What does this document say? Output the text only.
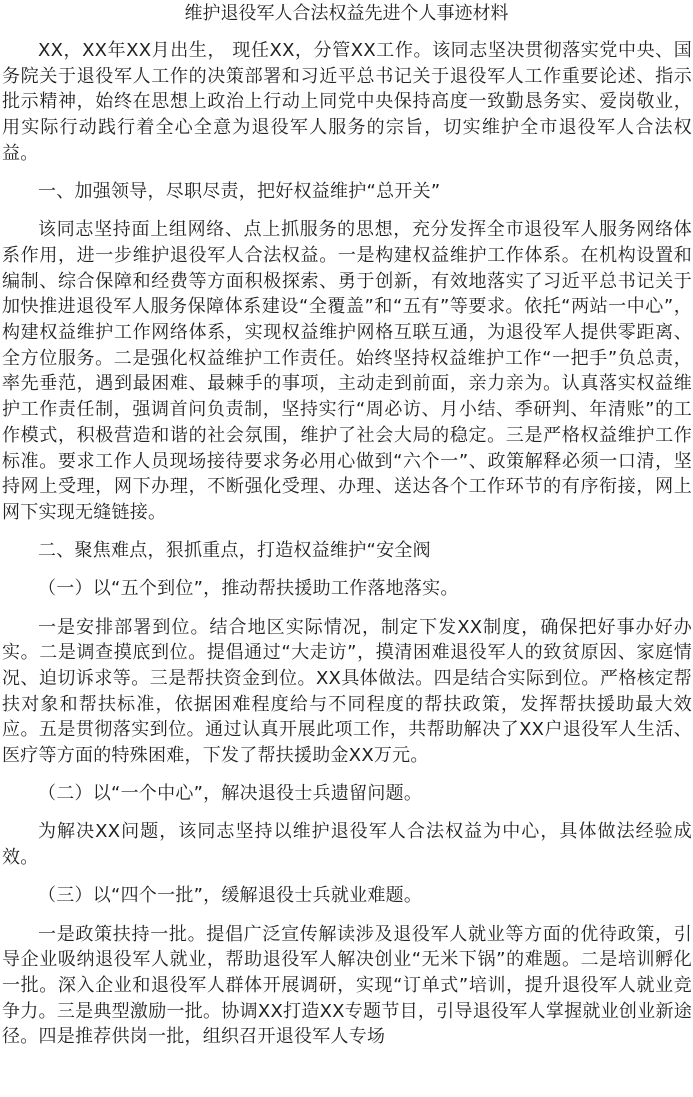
维护退役军人合法权益先进个人事迹材料

XX，XX年XX月出生， 现任XX，分管XX工作。该同志坚决贯彻落实党中央、国务院关于退役军人工作的决策部署和习近平总书记关于退役军人工作重要论述、指示批示精神，始终在思想上政治上行动上同党中央保持高度一致勤恳务实、爱岗敬业，用实际行动践行着全心全意为退役军人服务的宗旨，切实维护全市退役军人合法权益。

一、加强领导，尽职尽责，把好权益维护“总开关”

该同志坚持面上组网络、点上抓服务的思想，充分发挥全市退役军人服务网络体系作用，进一步维护退役军人合法权益。一是构建权益维护工作体系。在机构设置和编制、综合保障和经费等方面积极探索、勇于创新，有效地落实了习近平总书记关于加快推进退役军人服务保障体系建设“全覆盖”和“五有”等要求。依托“两站一中心”，构建权益维护工作网络体系，实现权益维护网格互联互通，为退役军人提供零距离、全方位服务。二是强化权益维护工作责任。始终坚持权益维护工作“一把手”负总责，率先垂范，遇到最困难、最棘手的事项，主动走到前面，亲力亲为。认真落实权益维护工作责任制，强调首问负责制，坚持实行“周必访、月小结、季研判、年清账”的工作模式，积极营造和谐的社会氛围，维护了社会大局的稳定。三是严格权益维护工作标准。要求工作人员现场接待要求务必用心做到“六个一”、政策解释必须一口清，坚持网上受理，网下办理，不断强化受理、办理、送达各个工作环节的有序衔接，网上网下实现无缝链接。

二、聚焦难点，狠抓重点，打造权益维护“安全阀

（一）以“五个到位”，推动帮扶援助工作落地落实。

一是安排部署到位。结合地区实际情况，制定下发XX制度，确保把好事办好办实。二是调查摸底到位。提倡通过“大走访”，摸清困难退役军人的致贫原因、家庭情况、迫切诉求等。三是帮扶资金到位。XX具体做法。四是结合实际到位。严格核定帮扶对象和帮扶标准，依据困难程度给与不同程度的帮扶政策，发挥帮扶援助最大效应。五是贯彻落实到位。通过认真开展此项工作，共帮助解决了XX户退役军人生活、医疗等方面的特殊困难，下发了帮扶援助金XX万元。

（二）以“一个中心”，解决退役士兵遗留问题。

为解决XX问题，该同志坚持以维护退役军人合法权益为中心，具体做法经验成效。

（三）以“四个一批”，缓解退役士兵就业难题。

一是政策扶持一批。提倡广泛宣传解读涉及退役军人就业等方面的优待政策，引导企业吸纳退役军人就业，帮助退役军人解决创业“无米下锅”的难题。二是培训孵化一批。深入企业和退役军人群体开展调研，实现“订单式”培训，提升退役军人就业竞争力。三是典型激励一批。协调XX打造XX专题节目，引导退役军人掌握就业创业新途径。四是推荐供岗一批，组织召开退役军人专场
